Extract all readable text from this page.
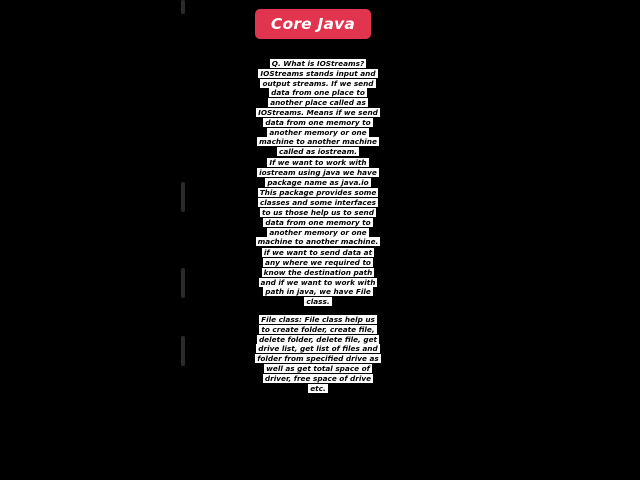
Core Java

Q. What is IOStreams? IOStreams stands input and output streams. If we send data from one place to another place called as IOStreams. Means if we send data from one memory to another memory or one machine to another machine called as iostream.

If we want to work with iostream using java we have package name as java.io

This package provides some classes and some interfaces to us those help us to send data from one memory to another memory or one machine to another machine.

if we want to send data at any where we required to know the destination path and if we want to work with path in java, we have File class.

File class: File class help us to create folder, create file, delete folder, delete file, get drive list, get list of files and folder from specified drive as well as get total space of driver, free space of drive etc.
